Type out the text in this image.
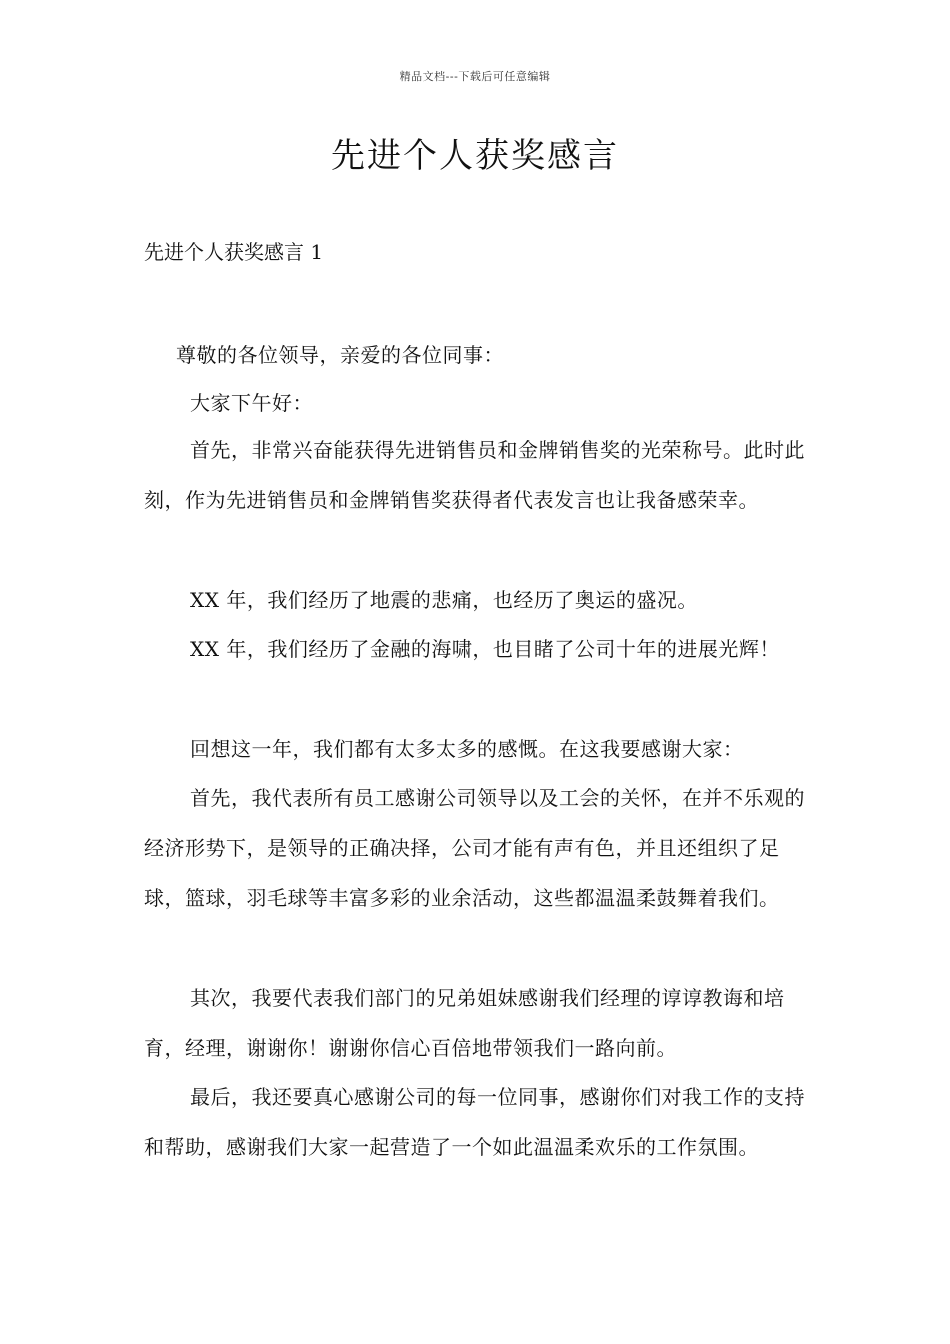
精品文档---下载后可任意编辑
先进个人获奖感言
先进个人获奖感言 1

尊敬的各位领导，亲爱的各位同事：

大家下午好：

首先，非常兴奋能获得先进销售员和金牌销售奖的光荣称号。此时此刻，作为先进销售员和金牌销售奖获得者代表发言也让我备感荣幸。

XX 年，我们经历了地震的悲痛，也经历了奥运的盛况。

XX 年，我们经历了金融的海啸，也目睹了公司十年的进展光辉！

回想这一年，我们都有太多太多的感慨。在这我要感谢大家：

首先，我代表所有员工感谢公司领导以及工会的关怀，在并不乐观的经济形势下，是领导的正确决择，公司才能有声有色，并且还组织了足球，篮球，羽毛球等丰富多彩的业余活动，这些都温温柔鼓舞着我们。

其次，我要代表我们部门的兄弟姐妹感谢我们经理的谆谆教诲和培育，经理，谢谢你！谢谢你信心百倍地带领我们一路向前。

最后，我还要真心感谢公司的每一位同事，感谢你们对我工作的支持和帮助，感谢我们大家一起营造了一个如此温温柔欢乐的工作氛围。
